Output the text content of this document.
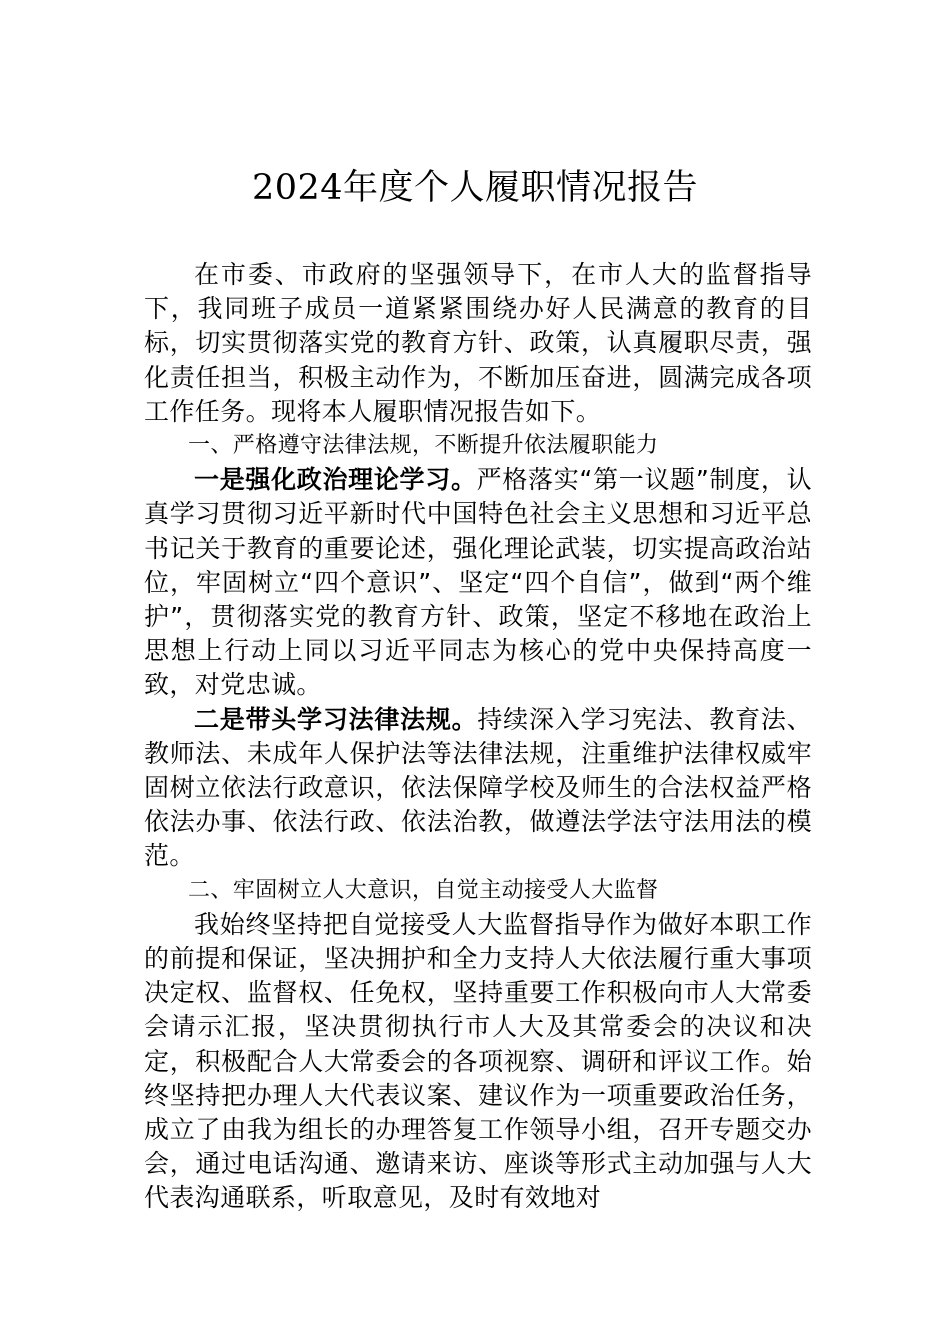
2024年度个人履职情况报告

在市委、市政府的坚强领导下，在市人大的监督指导下，我同班子成员一道紧紧围绕办好人民满意的教育的目标，切实贯彻落实党的教育方针、政策，认真履职尽责，强化责任担当，积极主动作为，不断加压奋进，圆满完成各项工作任务。现将本人履职情况报告如下。

一、严格遵守法律法规，不断提升依法履职能力

一是强化政治理论学习。严格落实“第一议题”制度，认真学习贯彻习近平新时代中国特色社会主义思想和习近平总书记关于教育的重要论述，强化理论武装，切实提高政治站位，牢固树立“四个意识”、坚定“四个自信”，做到“两个维护”，贯彻落实党的教育方针、政策，坚定不移地在政治上思想上行动上同以习近平同志为核心的党中央保持高度一致，对党忠诚。

二是带头学习法律法规。持续深入学习宪法、教育法、教师法、未成年人保护法等法律法规，注重维护法律权威牢固树立依法行政意识，依法保障学校及师生的合法权益严格依法办事、依法行政、依法治教，做遵法学法守法用法的模范。

二、牢固树立人大意识，自觉主动接受人大监督

我始终坚持把自觉接受人大监督指导作为做好本职工作的前提和保证，坚决拥护和全力支持人大依法履行重大事项决定权、监督权、任免权，坚持重要工作积极向市人大常委会请示汇报，坚决贯彻执行市人大及其常委会的决议和决定，积极配合人大常委会的各项视察、调研和评议工作。始终坚持把办理人大代表议案、建议作为一项重要政治任务，成立了由我为组长的办理答复工作领导小组，召开专题交办会，通过电话沟通、邀请来访、座谈等形式主动加强与人大代表沟通联系，听取意见，及时有效地对
